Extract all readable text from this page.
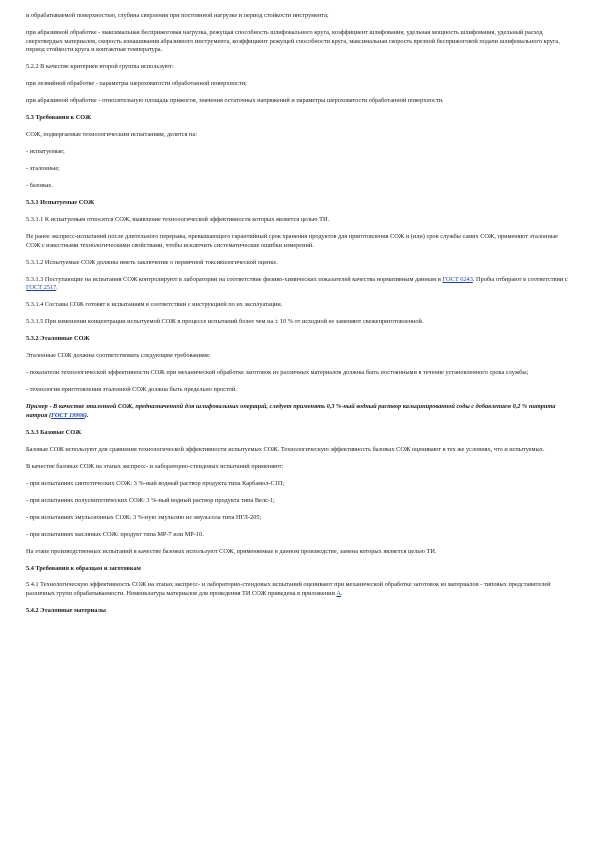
и обрабатываемой поверхностью, глубина сверления при постоянной нагрузке и период стойкости инструмента;

при абразивной обработке - максимальная бесприжоговая нагрузка, режущая способность шлифовального круга, коэффициент шлифования, удельная мощность шлифования, удельный расход сверхтвердых материалов, скорость изнашивания абразивного инструмента, коэффициент режущей способности круга, максимальная скорость врезной бесприжоговой подачи шлифовального круга, период стойкости круга и контактная температура.

5.2.2 В качестве критериев второй группы используют:

при лезвийной обработке - параметры шероховатости обработанной поверхности;

при абразивной обработке - относительную площадь прижогов, значения остаточных напряжений и параметры шероховатости обработанной поверхности.

5.3 Требования к СОЖ

СОЖ, подвергаемые технологическим испытаниям, делятся на:

- испытуемые;

- эталонные;

- базовые.

5.3.1 Испытуемые СОЖ

5.3.1.1 К испытуемым относятся СОЖ, выявление технологической эффективности которых является целью ТИ.

Не ранее экспресс-испытаний после длительного перерыва, превышающего гарантийный срок хранения продуктов для приготовления СОЖ и (или) срок службы самих СОЖ, применяют эталонные СОЖ с известными технологическими свойствами, чтобы исключить систематические ошибки измерений.

5.3.1.2 Испытуемые СОЖ должны иметь заключение о первичной токсикологической оценке.

5.3.1.3 Поступающие на испытания СОЖ контролируют в лаборатории на соответствие физико-химических показателей качества нормативным данным и ГОСТ 6243. Пробы отбирают в соответствии с ГОСТ 2517.

5.3.1.4 Составы СОЖ готовят к испытаниям в соответствии с инструкцией по их эксплуатации.

5.3.1.5 При изменении концентрации испытуемой СОЖ в процессе испытаний более чем на ± 10 % от исходной ее заменяют свежеприготовленной.

5.3.2 Эталонные СОЖ

Эталонные СОЖ должны соответствовать следующим требованиям:

- показатели технологической эффективности СОЖ при механической обработке заготовок из различных материалов должны быть постоянными в течение установленного срока службы;

- технология приготовления эталонной СОЖ должна быть предельно простой.

Пример - В качестве эталонной СОЖ, предназначенной для шлифовальных операций, следует применять 0,3 %-ный водный раствор кальцинированной соды с добавлением 0,2 % нитрита натрия (ГОСТ 19906).

5.3.3 Базовые СОЖ

Базовые СОЖ используют для сравнения технологической эффективности испытуемых СОЖ. Технологическую эффективность базовых СОЖ оценивают в тех же условиях, что и испытуемых.

В качестве базовых СОЖ на этапах экспресс- и лабораторно-стендовых испытаний применяют:

- при испытаниях синтетических СОЖ: 3 %-ный водный раствор продукта типа Карбамол-С1П;

- при испытаниях полусинтетических СОЖ: 3 %-ный водный раствор продукта типа Велс-1;

- при испытаниях эмульсионных СОЖ: 3 %-ную эмульсию из эмульсола типа НГЛ-205;

- при испытаниях масляных СОЖ: продукт типа МР-7 или МР-10.

На этапе производственных испытаний в качестве базовых используют СОЖ, применяемые в данном производстве, замена которых является целью ТИ.

5.4 Требования к образцам и заготовкам

5.4.1 Технологическую эффективность СОЖ на этапах экспресс- и лабораторно-стендовых испытаний оценивают при механической обработке заготовок из материалов - типовых представителей различных групп обрабатываемости. Номенклатура материалов для проведения ТИ СОЖ приведена в приложении А.

5.4.2 Эталонные материалы
